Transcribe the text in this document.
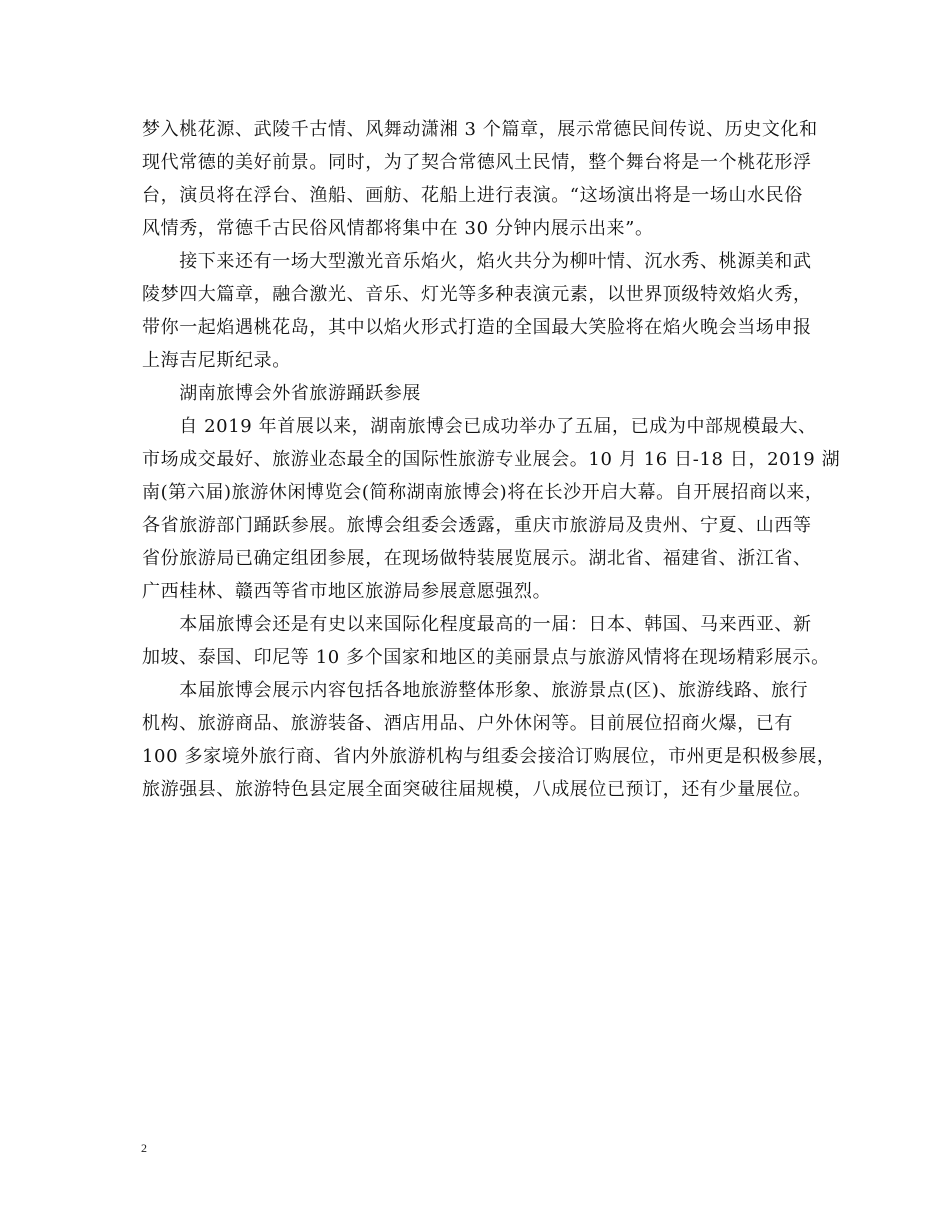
梦入桃花源、武陵千古情、风舞动潇湘 3 个篇章，展示常德民间传说、历史文化和
现代常德的美好前景。同时，为了契合常德风土民情，整个舞台将是一个桃花形浮
台，演员将在浮台、渔船、画舫、花船上进行表演。“这场演出将是一场山水民俗
风情秀，常德千古民俗风情都将集中在 30 分钟内展示出来”。
　　接下来还有一场大型激光音乐焰火，焰火共分为柳叶情、沉水秀、桃源美和武
陵梦四大篇章，融合激光、音乐、灯光等多种表演元素，以世界顶级特效焰火秀，
带你一起焰遇桃花岛，其中以焰火形式打造的全国最大笑脸将在焰火晚会当场申报
上海吉尼斯纪录。
　　湖南旅博会外省旅游踊跃参展
　　自 2019 年首展以来，湖南旅博会已成功举办了五届，已成为中部规模最大、
市场成交最好、旅游业态最全的国际性旅游专业展会。10 月 16 日-18 日，2019 湖
南(第六届)旅游休闲博览会(简称湖南旅博会)将在长沙开启大幕。自开展招商以来，
各省旅游部门踊跃参展。旅博会组委会透露，重庆市旅游局及贵州、宁夏、山西等
省份旅游局已确定组团参展，在现场做特装展览展示。湖北省、福建省、浙江省、
广西桂林、赣西等省市地区旅游局参展意愿强烈。
　　本届旅博会还是有史以来国际化程度最高的一届：日本、韩国、马来西亚、新
加坡、泰国、印尼等 10 多个国家和地区的美丽景点与旅游风情将在现场精彩展示。
　　本届旅博会展示内容包括各地旅游整体形象、旅游景点(区)、旅游线路、旅行
机构、旅游商品、旅游装备、酒店用品、户外休闲等。目前展位招商火爆，已有
100 多家境外旅行商、省内外旅游机构与组委会接洽订购展位，市州更是积极参展，
旅游强县、旅游特色县定展全面突破往届规模，八成展位已预订，还有少量展位。
2
